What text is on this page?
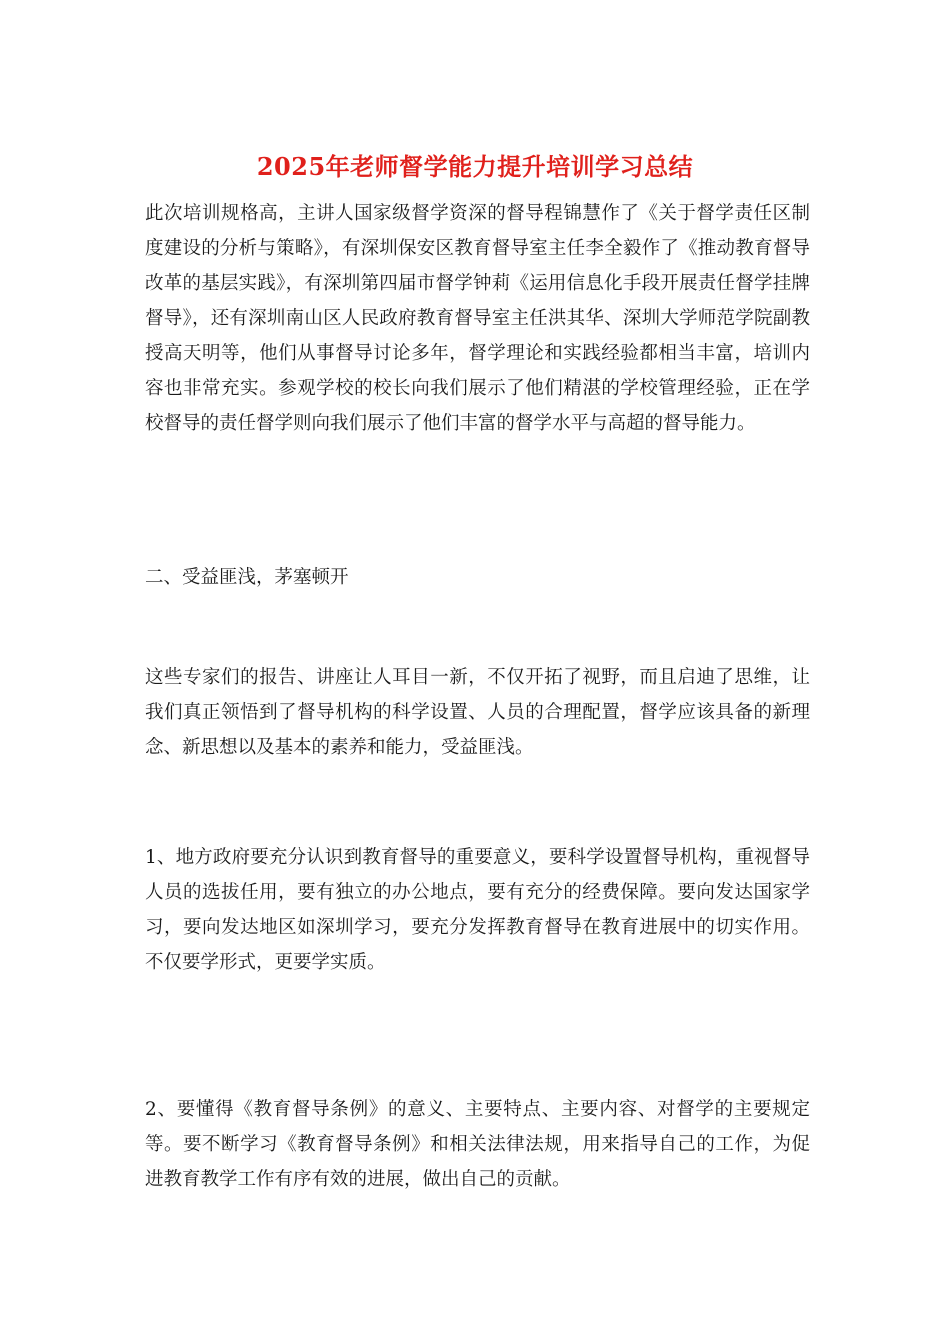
2025年老师督学能力提升培训学习总结

此次培训规格高，主讲人国家级督学资深的督导程锦慧作了《关于督学责任区制度建设的分析与策略》，有深圳保安区教育督导室主任李全毅作了《推动教育督导改革的基层实践》，有深圳第四届市督学钟莉《运用信息化手段开展责任督学挂牌督导》，还有深圳南山区人民政府教育督导室主任洪其华、深圳大学师范学院副教授高天明等，他们从事督导讨论多年，督学理论和实践经验都相当丰富，培训内容也非常充实。参观学校的校长向我们展示了他们精湛的学校管理经验，正在学校督导的责任督学则向我们展示了他们丰富的督学水平与高超的督导能力。

二、受益匪浅，茅塞顿开

这些专家们的报告、讲座让人耳目一新，不仅开拓了视野，而且启迪了思维，让我们真正领悟到了督导机构的科学设置、人员的合理配置，督学应该具备的新理念、新思想以及基本的素养和能力，受益匪浅。

1、地方政府要充分认识到教育督导的重要意义，要科学设置督导机构，重视督导人员的选拔任用，要有独立的办公地点，要有充分的经费保障。要向发达国家学习，要向发达地区如深圳学习，要充分发挥教育督导在教育进展中的切实作用。不仅要学形式，更要学实质。

2、要懂得《教育督导条例》的意义、主要特点、主要内容、对督学的主要规定等。要不断学习《教育督导条例》和相关法律法规，用来指导自己的工作，为促进教育教学工作有序有效的进展，做出自己的贡献。
